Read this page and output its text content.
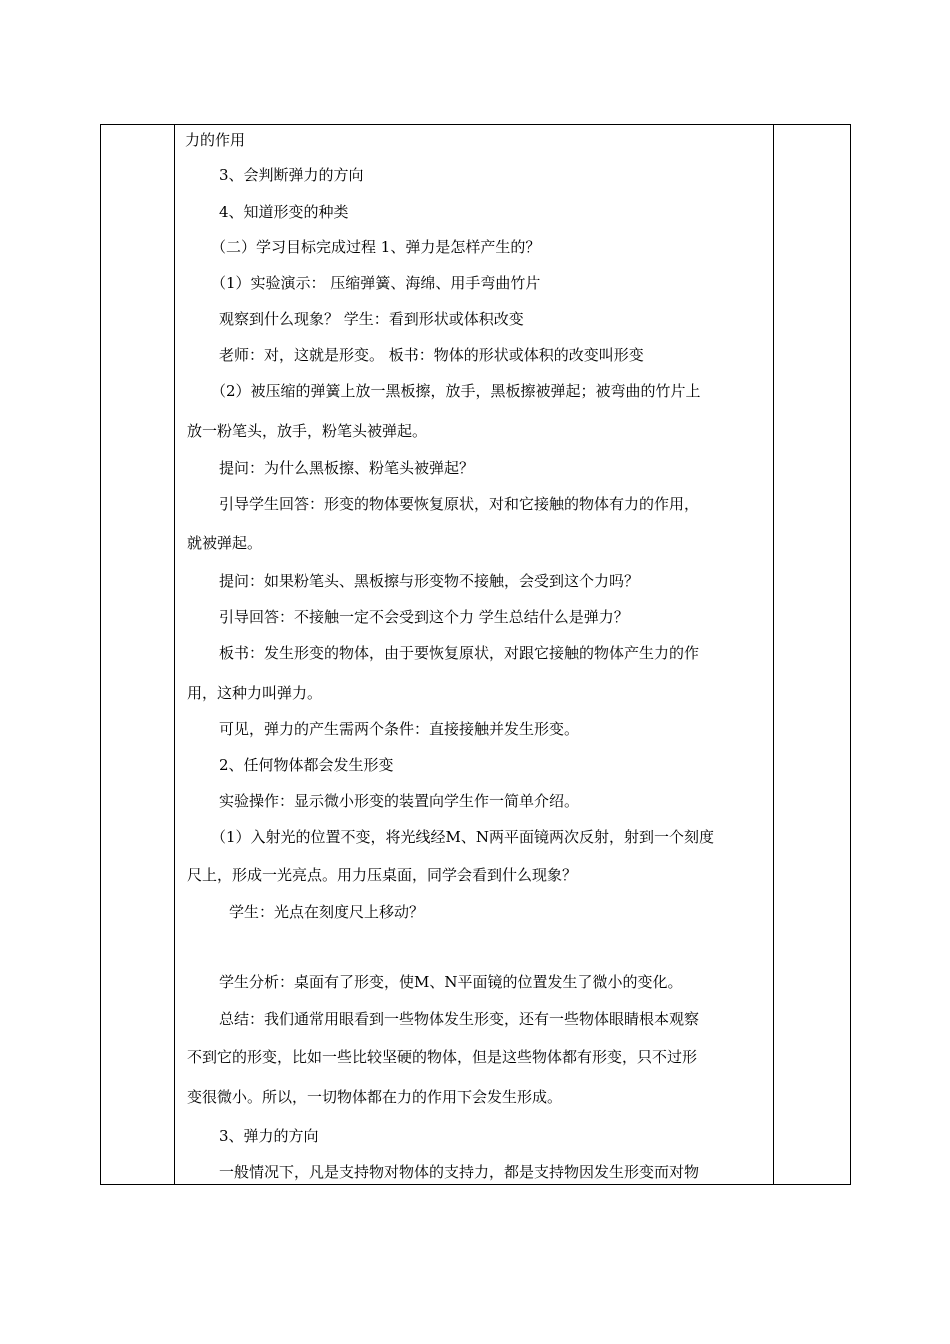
力的作用
3、会判断弹力的方向
4、知道形变的种类
（二）学习目标完成过程 1、弹力是怎样产生的？
（1）实验演示： 压缩弹簧、海绵、用手弯曲竹片
观察到什么现象？ 学生：看到形状或体积改变
老师：对，这就是形变。 板书：物体的形状或体积的改变叫形变
（2）被压缩的弹簧上放一黑板擦，放手，黑板擦被弹起；被弯曲的竹片上
放一粉笔头，放手，粉笔头被弹起。
提问：为什么黑板擦、粉笔头被弹起？
引导学生回答：形变的物体要恢复原状，对和它接触的物体有力的作用，
就被弹起。
提问：如果粉笔头、黑板擦与形变物不接触，会受到这个力吗？
引导回答：不接触一定不会受到这个力 学生总结什么是弹力？
板书：发生形变的物体，由于要恢复原状，对跟它接触的物体产生力的作
用，这种力叫弹力。
可见，弹力的产生需两个条件：直接接触并发生形变。
2、任何物体都会发生形变
实验操作：显示微小形变的装置向学生作一简单介绍。
（1）入射光的位置不变，将光线经M、N两平面镜两次反射，射到一个刻度
尺上，形成一光亮点。用力压桌面，同学会看到什么现象？
学生：光点在刻度尺上移动？
学生分析：桌面有了形变，使M、N平面镜的位置发生了微小的变化。
总结：我们通常用眼看到一些物体发生形变，还有一些物体眼睛根本观察
不到它的形变，比如一些比较坚硬的物体，但是这些物体都有形变，只不过形
变很微小。所以，一切物体都在力的作用下会发生形成。
3、弹力的方向
一般情况下，凡是支持物对物体的支持力，都是支持物因发生形变而对物
